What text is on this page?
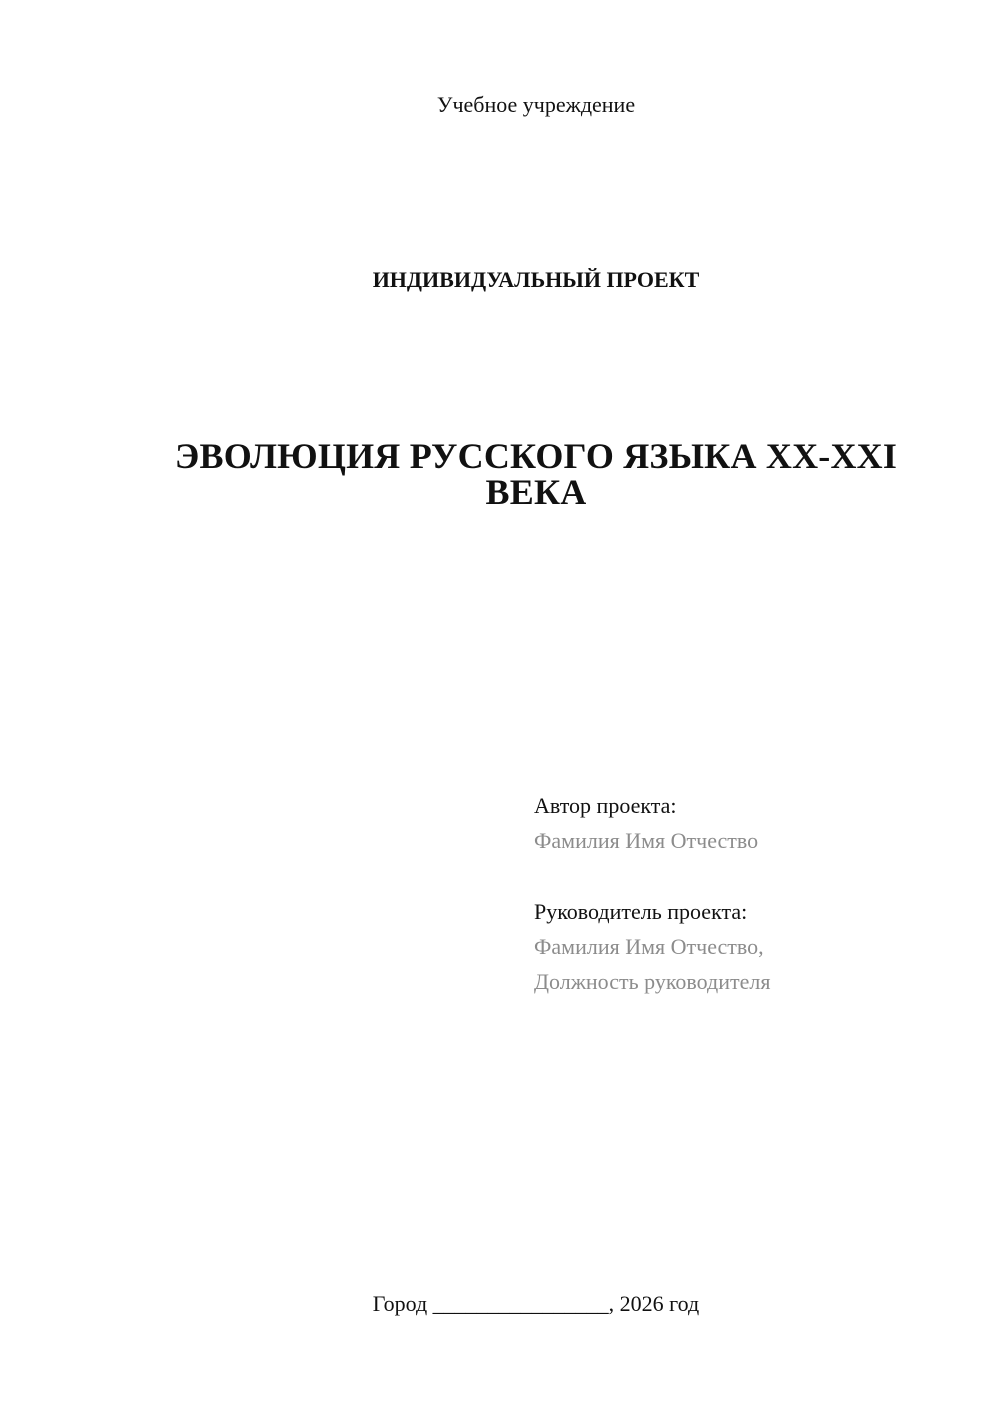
Учебное учреждение
ИНДИВИДУАЛЬНЫЙ ПРОЕКТ
ЭВОЛЮЦИЯ РУССКОГО ЯЗЫКА XX-XXI ВЕКА
Автор проекта:
Фамилия Имя Отчество
Руководитель проекта:
Фамилия Имя Отчество,
Должность руководителя
Город ________________, 2026 год
